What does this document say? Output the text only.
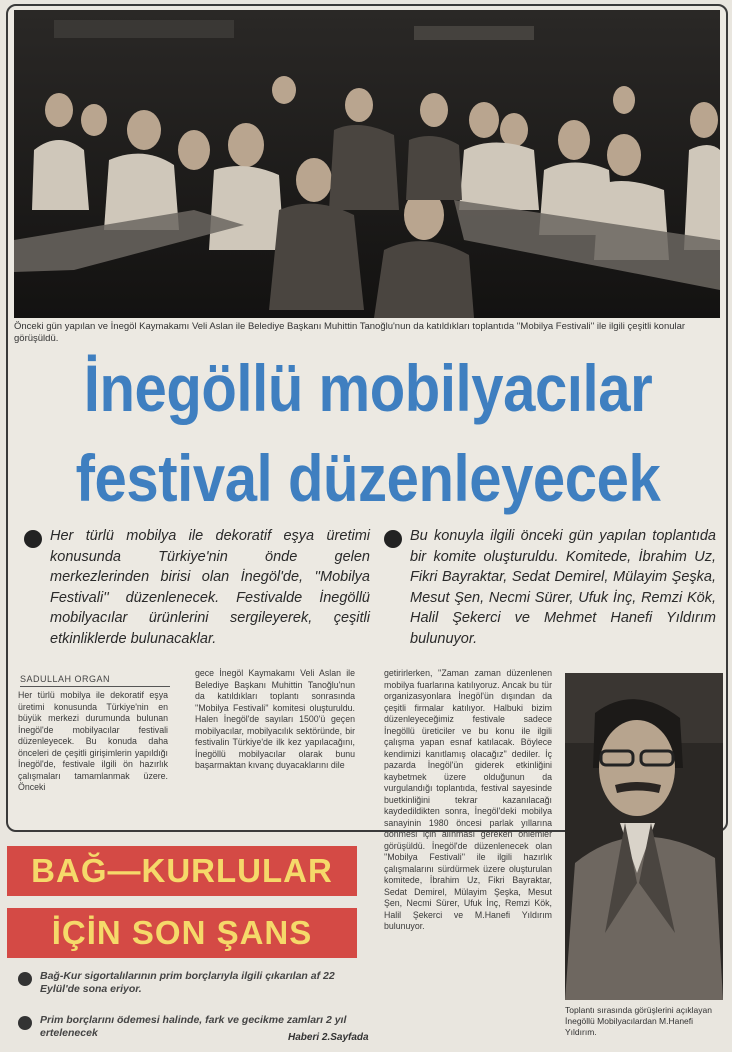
Önceki gün yapılan ve İnegöl Kaymakamı Veli Aslan ile Belediye Başkanı Muhittin Tanoğlu'nun da katıldıkları toplantıda ''Mobilya Festivali'' ile ilgili çeşitli konular görüşüldü.
İnegöllü mobilyacılar
festival düzenleyecek
Her türlü mobilya ile dekoratif eşya üretimi konusunda Türkiye'nin önde gelen merkezlerinden birisi olan İnegöl'de, ''Mobilya Festivali'' düzenlenecek. Festivalde İnegöllü mobilyacılar ürünlerini sergileyerek, çeşitli etkinliklerde bulunacaklar.
Bu konuyla ilgili önceki gün yapılan toplantıda bir komite oluşturuldu. Komitede, İbrahim Uz, Fikri Bayraktar, Sedat Demirel, Mülayim Şeşka, Mesut Şen, Necmi Sürer, Ufuk İnç, Remzi Kök, Halil Şekerci ve Mehmet Hanefi Yıldırım bulunuyor.
SADULLAH ORGAN
Her türlü mobilya ile dekoratif eşya üretimi konusunda Türkiye'nin en büyük merkezi durumunda bulunan İnegöl'de mobilyacılar festivali düzenleyecek. Bu konuda daha önceleri de çeşitli girişimlerin yapıldığı İnegöl'de, festivale ilgili ön hazırlık çalışmaları tamamlanmak üzere. Önceki
gece İnegöl Kaymakamı Veli Aslan ile Belediye Başkanı Muhittin Tanoğlu'nun da katıldıkları toplantı sonrasında ''Mobilya Festivali'' komitesi oluşturuldu. Halen İnegöl'de sayıları 1500'ü geçen mobilyacılar, mobilyacılık sektöründe, bir festivalin Türkiye'de ilk kez yapılacağını, İnegöllü mobilyacılar olarak bunu başarmaktan kıvanç duyacaklarını dile
getirirlerken, ''Zaman zaman düzenlenen mobilya fuarlarına katılıyoruz. Ancak bu tür organizasyonlara İnegöl'ün dışından da çeşitli firmalar katılıyor. Halbuki bizim düzenleyeceğimiz festivale sadece İnegöllü üreticiler ve bu konu ile ilgili çalışma yapan esnaf katılacak. Böylece kendimizi kanıtlamış olacağız'' dediler. İç pazarda İnegöl'ün giderek etkinliğini kaybetmek üzere olduğunun da vurgulandığı toplantıda, festival sayesinde buetkinliğini tekrar kazanılacağı kaydedildikten sonra, İnegöl'deki mobilya sanayinin 1980 öncesi parlak yıllarına dönmesi için alınması gereken önlemler görüşüldü. İnegöl'de düzenlenecek olan ''Mobilya Festivali'' ile ilgili hazırlık çalışmalarını sürdürmek üzere oluşturulan komitede, İbrahim Uz, Fikri Bayraktar, Sedat Demirel, Mülayim Şeşka, Mesut Şen, Necmi Sürer, Ufuk İnç, Remzi Kök, Halil Şekerci ve M.Hanefi Yıldırım bulunuyor.
Toplantı sırasında görüşlerini açıklayan İnegöllü Mobilyacılardan M.Hanefi Yıldırım.
BAĞ—KURLULAR
İÇİN SON ŞANS
Bağ-Kur sigortalılarının prim borçlarıyla ilgili çıkarılan af 22 Eylül'de sona eriyor.
Prim borçlarını ödemesi halinde, fark ve gecikme zamları 2 yıl ertelenecek	Haberi 2.Sayfada
